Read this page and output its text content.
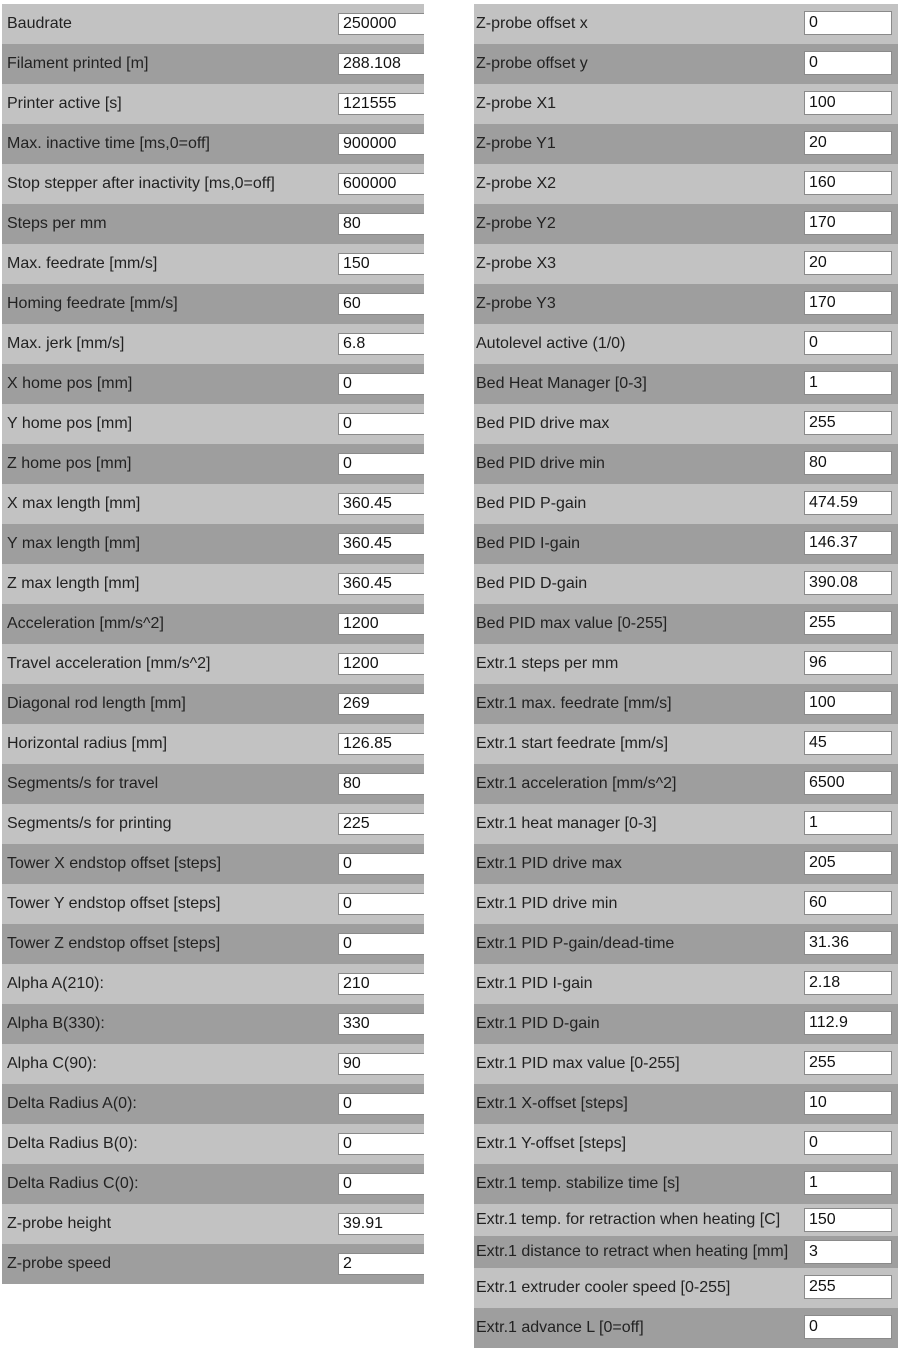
Baudrate
250000
Filament printed [m]
288.108
Printer active [s]
121555
Max. inactive time [ms,0=off]
900000
Stop stepper after inactivity [ms,0=off]
600000
Steps per mm
80
Max. feedrate [mm/s]
150
Homing feedrate [mm/s]
60
Max. jerk [mm/s]
6.8
X home pos [mm]
0
Y home pos [mm]
0
Z home pos [mm]
0
X max length [mm]
360.45
Y max length [mm]
360.45
Z max length [mm]
360.45
Acceleration [mm/s^2]
1200
Travel acceleration [mm/s^2]
1200
Diagonal rod length [mm]
269
Horizontal radius [mm]
126.85
Segments/s for travel
80
Segments/s for printing
225
Tower X endstop offset [steps]
0
Tower Y endstop offset [steps]
0
Tower Z endstop offset [steps]
0
Alpha A(210):
210
Alpha B(330):
330
Alpha C(90):
90
Delta Radius A(0):
0
Delta Radius B(0):
0
Delta Radius C(0):
0
Z-probe height
39.91
Z-probe speed
2
Z-probe offset x
0
Z-probe offset y
0
Z-probe X1
100
Z-probe Y1
20
Z-probe X2
160
Z-probe Y2
170
Z-probe X3
20
Z-probe Y3
170
Autolevel active (1/0)
0
Bed Heat Manager [0-3]
1
Bed PID drive max
255
Bed PID drive min
80
Bed PID P-gain
474.59
Bed PID I-gain
146.37
Bed PID D-gain
390.08
Bed PID max value [0-255]
255
Extr.1 steps per mm
96
Extr.1 max. feedrate [mm/s]
100
Extr.1 start feedrate [mm/s]
45
Extr.1 acceleration [mm/s^2]
6500
Extr.1 heat manager [0-3]
1
Extr.1 PID drive max
205
Extr.1 PID drive min
60
Extr.1 PID P-gain/dead-time
31.36
Extr.1 PID I-gain
2.18
Extr.1 PID D-gain
112.9
Extr.1 PID max value [0-255]
255
Extr.1 X-offset [steps]
10
Extr.1 Y-offset [steps]
0
Extr.1 temp. stabilize time [s]
1
Extr.1 temp. for retraction when heating [C]
150
Extr.1 distance to retract when heating [mm]
3
Extr.1 extruder cooler speed [0-255]
255
Extr.1 advance L [0=off]
0
